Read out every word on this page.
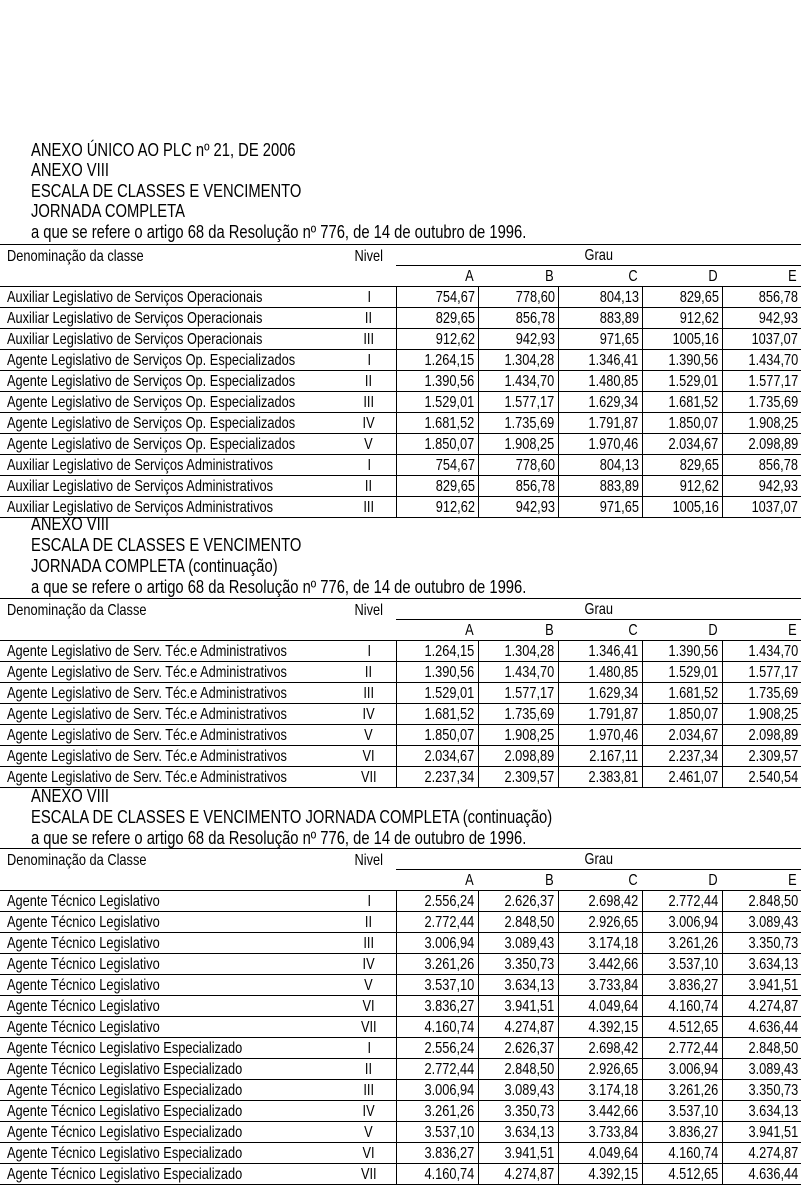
ANEXO ÚNICO AO PLC nº 21, DE 2006
ANEXO VIII
ESCALA DE CLASSES E VENCIMENTO
JORNADA COMPLETA
a que se refere o artigo 68 da Resolução nº 776, de 14 de outubro de 1996.
Denominação da classe	Nivel	Grau				
		A	B	C	D	E
Auxiliar Legislativo de Serviços Operacionais	I	754,67	778,60	804,13	829,65	856,78
Auxiliar Legislativo de Serviços Operacionais	II	829,65	856,78	883,89	912,62	942,93
Auxiliar Legislativo de Serviços Operacionais	III	912,62	942,93	971,65	1005,16	1037,07
Agente Legislativo de Serviços Op. Especializados	I	1.264,15	1.304,28	1.346,41	1.390,56	1.434,70
Agente Legislativo de Serviços Op. Especializados	II	1.390,56	1.434,70	1.480,85	1.529,01	1.577,17
Agente Legislativo de Serviços Op. Especializados	III	1.529,01	1.577,17	1.629,34	1.681,52	1.735,69
Agente Legislativo de Serviços Op. Especializados	IV	1.681,52	1.735,69	1.791,87	1.850,07	1.908,25
Agente Legislativo de Serviços Op. Especializados	V	1.850,07	1.908,25	1.970,46	2.034,67	2.098,89
Auxiliar Legislativo de Serviços Administrativos	I	754,67	778,60	804,13	829,65	856,78
Auxiliar Legislativo de Serviços Administrativos	II	829,65	856,78	883,89	912,62	942,93
Auxiliar Legislativo de Serviços Administrativos	III	912,62	942,93	971,65	1005,16	1037,07
ANEXO VIII
ESCALA DE CLASSES E VENCIMENTO
JORNADA COMPLETA (continuação)
a que se refere o artigo 68 da Resolução nº 776, de 14 de outubro de 1996.
Denominação da Classe	Nivel	Grau				
		A	B	C	D	E
Agente Legislativo de Serv. Téc.e Administrativos	I	1.264,15	1.304,28	1.346,41	1.390,56	1.434,70
Agente Legislativo de Serv. Téc.e Administrativos	II	1.390,56	1.434,70	1.480,85	1.529,01	1.577,17
Agente Legislativo de Serv. Téc.e Administrativos	III	1.529,01	1.577,17	1.629,34	1.681,52	1.735,69
Agente Legislativo de Serv. Téc.e Administrativos	IV	1.681,52	1.735,69	1.791,87	1.850,07	1.908,25
Agente Legislativo de Serv. Téc.e Administrativos	V	1.850,07	1.908,25	1.970,46	2.034,67	2.098,89
Agente Legislativo de Serv. Téc.e Administrativos	VI	2.034,67	2.098,89	2.167,11	2.237,34	2.309,57
Agente Legislativo de Serv. Téc.e Administrativos	VII	2.237,34	2.309,57	2.383,81	2.461,07	2.540,54
ANEXO VIII
ESCALA DE CLASSES E VENCIMENTO JORNADA COMPLETA (continuação)
a que se refere o artigo 68 da Resolução nº 776, de 14 de outubro de 1996.
Denominação da Classe	Nivel	Grau				
		A	B	C	D	E
Agente Técnico Legislativo	I	2.556,24	2.626,37	2.698,42	2.772,44	2.848,50
Agente Técnico Legislativo	II	2.772,44	2.848,50	2.926,65	3.006,94	3.089,43
Agente Técnico Legislativo	III	3.006,94	3.089,43	3.174,18	3.261,26	3.350,73
Agente Técnico Legislativo	IV	3.261,26	3.350,73	3.442,66	3.537,10	3.634,13
Agente Técnico Legislativo	V	3.537,10	3.634,13	3.733,84	3.836,27	3.941,51
Agente Técnico Legislativo	VI	3.836,27	3.941,51	4.049,64	4.160,74	4.274,87
Agente Técnico Legislativo	VII	4.160,74	4.274,87	4.392,15	4.512,65	4.636,44
Agente Técnico Legislativo Especializado	I	2.556,24	2.626,37	2.698,42	2.772,44	2.848,50
Agente Técnico Legislativo Especializado	II	2.772,44	2.848,50	2.926,65	3.006,94	3.089,43
Agente Técnico Legislativo Especializado	III	3.006,94	3.089,43	3.174,18	3.261,26	3.350,73
Agente Técnico Legislativo Especializado	IV	3.261,26	3.350,73	3.442,66	3.537,10	3.634,13
Agente Técnico Legislativo Especializado	V	3.537,10	3.634,13	3.733,84	3.836,27	3.941,51
Agente Técnico Legislativo Especializado	VI	3.836,27	3.941,51	4.049,64	4.160,74	4.274,87
Agente Técnico Legislativo Especializado	VII	4.160,74	4.274,87	4.392,15	4.512,65	4.636,44
